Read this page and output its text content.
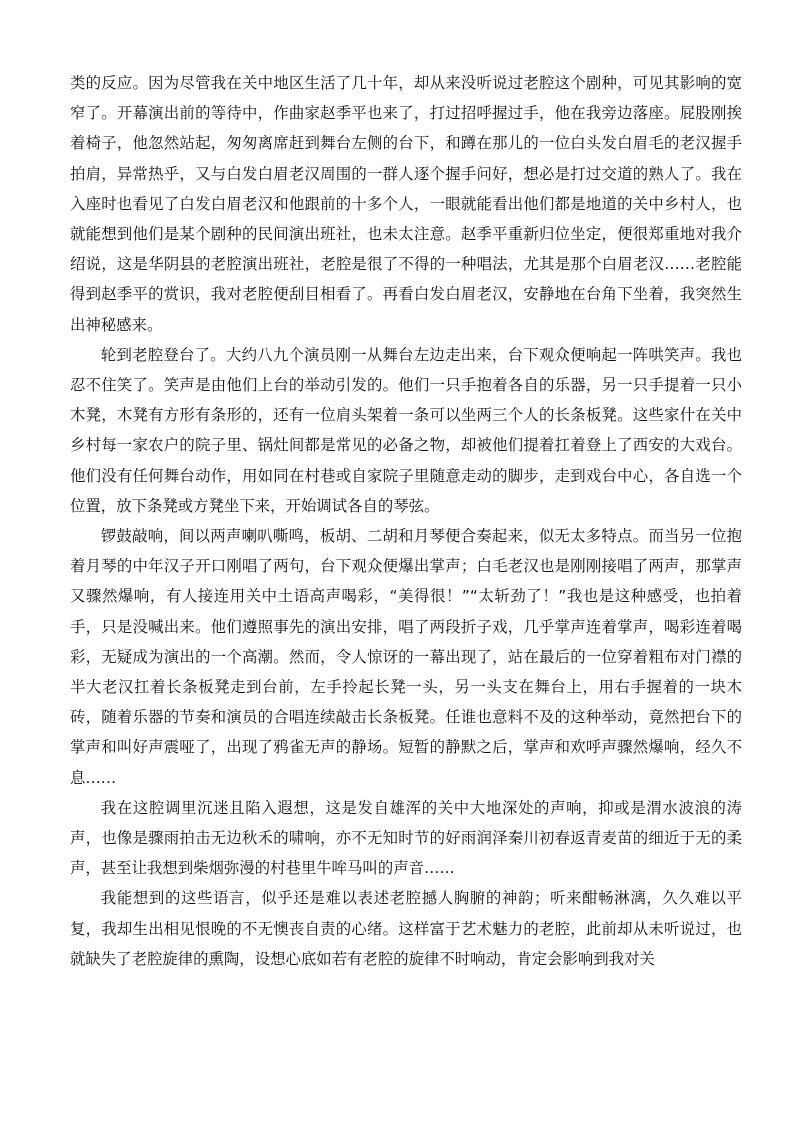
类的反应。因为尽管我在关中地区生活了几十年，却从来没听说过老腔这个剧种，可见其影响的宽窄了。开幕演出前的等待中，作曲家赵季平也来了，打过招呼握过手，他在我旁边落座。屁股刚挨着椅子，他忽然站起，匆匆离席赶到舞台左侧的台下，和蹲在那儿的一位白头发白眉毛的老汉握手拍肩，异常热乎，又与白发白眉老汉周围的一群人逐个握手问好，想必是打过交道的熟人了。我在入座时也看见了白发白眉老汉和他跟前的十多个人，一眼就能看出他们都是地道的关中乡村人，也就能想到他们是某个剧种的民间演出班社，也未太注意。赵季平重新归位坐定，便很郑重地对我介绍说，这是华阴县的老腔演出班社，老腔是很了不得的一种唱法，尤其是那个白眉老汉……老腔能得到赵季平的赏识，我对老腔便刮目相看了。再看白发白眉老汉，安静地在台角下坐着，我突然生出神秘感来。

轮到老腔登台了。大约八九个演员刚一从舞台左边走出来，台下观众便响起一阵哄笑声。我也忍不住笑了。笑声是由他们上台的举动引发的。他们一只手抱着各自的乐器，另一只手提着一只小木凳，木凳有方形有条形的，还有一位肩头架着一条可以坐两三个人的长条板凳。这些家什在关中乡村每一家农户的院子里、锅灶间都是常见的必备之物，却被他们提着扛着登上了西安的大戏台。他们没有任何舞台动作，用如同在村巷或自家院子里随意走动的脚步，走到戏台中心，各自选一个位置，放下条凳或方凳坐下来，开始调试各自的琴弦。

锣鼓敲响，间以两声喇叭嘶鸣，板胡、二胡和月琴便合奏起来，似无太多特点。而当另一位抱着月琴的中年汉子开口刚唱了两句，台下观众便爆出掌声；白毛老汉也是刚刚接唱了两声，那掌声又骤然爆响，有人接连用关中土语高声喝彩，“美得很！”“太斩劲了！”我也是这种感受，也拍着手，只是没喊出来。他们遵照事先的演出安排，唱了两段折子戏，几乎掌声连着掌声，喝彩连着喝彩，无疑成为演出的一个高潮。然而，令人惊讶的一幕出现了，站在最后的一位穿着粗布对门襟的半大老汉扛着长条板凳走到台前，左手拎起长凳一头，另一头支在舞台上，用右手握着的一块木砖，随着乐器的节奏和演员的合唱连续敲击长条板凳。任谁也意料不及的这种举动，竟然把台下的掌声和叫好声震哑了，出现了鸦雀无声的静场。短暂的静默之后，掌声和欢呼声骤然爆响，经久不息……

我在这腔调里沉迷且陷入遐想，这是发自雄浑的关中大地深处的声响，抑或是渭水波浪的涛声，也像是骤雨拍击无边秋禾的啸响，亦不无知时节的好雨润泽秦川初春返青麦苗的细近于无的柔声，甚至让我想到柴烟弥漫的村巷里牛哞马叫的声音……

我能想到的这些语言，似乎还是难以表述老腔撼人胸腑的神韵；听来酣畅淋漓，久久难以平复，我却生出相见恨晚的不无懊丧自责的心绪。这样富于艺术魅力的老腔，此前却从未听说过，也就缺失了老腔旋律的熏陶，设想心底如若有老腔的旋律不时响动，肯定会影响到我对关
